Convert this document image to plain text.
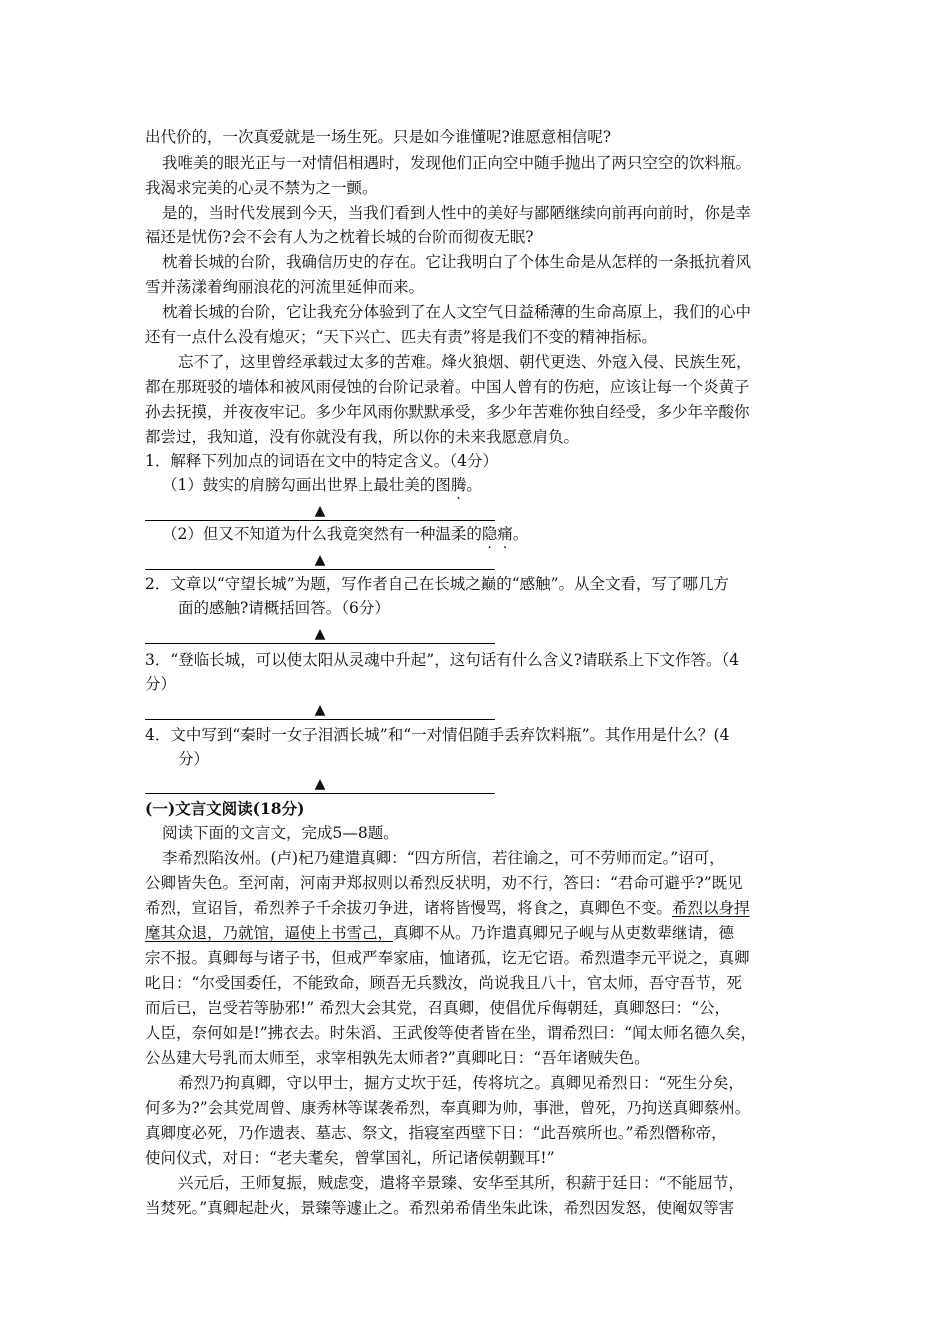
出代价的，一次真爱就是一场生死。只是如今谁懂呢?谁愿意相信呢?
我唯美的眼光正与一对情侣相遇时，发现他们正向空中随手抛出了两只空空的饮料瓶。
我渴求完美的心灵不禁为之一颤。
是的，当时代发展到今天，当我们看到人性中的美好与鄙陋继续向前再向前时，你是幸
福还是忧伤?会不会有人为之枕着长城的台阶而彻夜无眠?
枕着长城的台阶，我确信历史的存在。它让我明白了个体生命是从怎样的一条抵抗着风
雪并荡漾着绚丽浪花的河流里延伸而来。
枕着长城的台阶，它让我充分体验到了在人文空气日益稀薄的生命高原上，我们的心中
还有一点什么没有熄灭；“天下兴亡、匹夫有责”将是我们不变的精神指标。
忘不了，这里曾经承载过太多的苦难。烽火狼烟、朝代更迭、外寇入侵、民族生死，
都在那斑驳的墙体和被风雨侵蚀的台阶记录着。中国人曾有的伤疤，应该让每一个炎黄子
孙去抚摸，并夜夜牢记。多少年风雨你默默承受，多少年苦难你独自经受，多少年辛酸你
都尝过，我知道，没有你就没有我，所以你的未来我愿意肩负。
1．解释下列加点的词语在文中的特定含义。（4分）
（1）鼓实的肩膀勾画出世界上最壮美的图腾。
▲
（2）但又不知道为什么我竟突然有一种温柔的隐痛。
▲
2．文章以“守望长城”为题，写作者自己在长城之巅的“感触”。从全文看，写了哪几方
面的感触?请概括回答。（6分）
▲
3．“登临长城，可以使太阳从灵魂中升起”，这句话有什么含义?请联系上下文作答。（4
分）
▲
4．文中写到“秦时一女子泪洒长城”和“一对情侣随手丢弃饮料瓶”。其作用是什么？(4
分）
▲
(一)文言文阅读(18分)
阅读下面的文言文，完成5—8题。
李希烈陷汝州。(卢)杞乃建遣真卿：“四方所信，若往谕之，可不劳师而定。”诏可，
公卿皆失色。至河南，河南尹郑叔则以希烈反状明，劝不行，答曰：“君命可避乎?”既见
希烈，宣诏旨，希烈养子千余拔刃争进，诸将皆慢骂，将食之，真卿色不变。希烈以身捍
麾其众退，乃就馆，逼使上书雪己，真卿不从。乃诈遣真卿兄子岘与从吏数辈继请，德
宗不报。真卿每与诸子书，但戒严奉家庙，恤诸孤，讫无它语。希烈遣李元平说之，真卿
叱日：“尔受国委任，不能致命，顾吾无兵戮汝，尚说我且八十，官太师，吾守吾节，死
而后已，岂受若等胁邪!” 希烈大会其党，召真卿，使倡优斥侮朝廷，真卿怒曰：“公，
人臣，奈何如是!”拂衣去。时朱滔、王武俊等使者皆在坐，谓希烈曰：“闻太师名德久矣，
公丛建大号乳而太师至，求宰相孰先太师者?”真卿叱日：“吾年诸贼失色。
希烈乃拘真卿，守以甲士，掘方丈坎于廷，传将坑之。真卿见希烈日：“死生分矣，
何多为?”会其党周曾、康秀林等谋袭希烈，奉真卿为帅，事泄，曾死，乃拘送真卿蔡州。
真卿度必死，乃作遗表、墓志、祭文，指寝室西壁下日：“此吾殡所也。”希烈僭称帝，
使问仪式，对日：“老夫耄矣，曾掌国礼，所记诸侯朝觐耳!”
兴元后，王师复振，贼虑变，遣将辛景臻、安华至其所，积薪于廷日：“不能屈节，
当焚死。”真卿起赴火，景臻等遽止之。希烈弟希倩坐朱此诛，希烈因发怒，使阉奴等害
